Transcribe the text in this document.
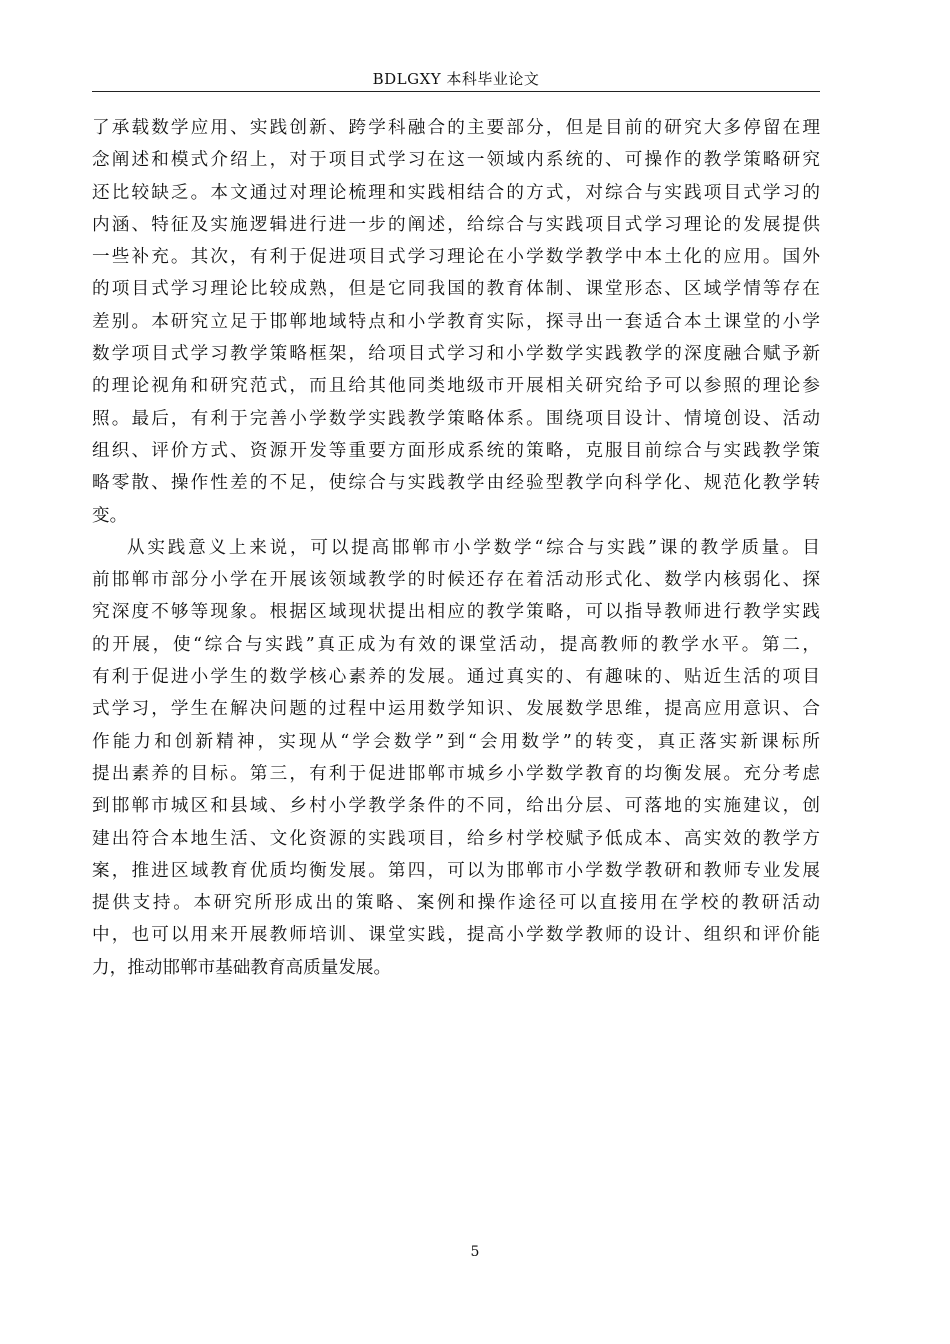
BDLGXY 本科毕业论文
了承载数学应用、实践创新、跨学科融合的主要部分，但是目前的研究大多停留在理
念阐述和模式介绍上，对于项目式学习在这一领域内系统的、可操作的教学策略研究
还比较缺乏。本文通过对理论梳理和实践相结合的方式，对综合与实践项目式学习的
内涵、特征及实施逻辑进行进一步的阐述，给综合与实践项目式学习理论的发展提供
一些补充。其次，有利于促进项目式学习理论在小学数学教学中本土化的应用。国外
的项目式学习理论比较成熟，但是它同我国的教育体制、课堂形态、区域学情等存在
差别。本研究立足于邯郸地域特点和小学教育实际，探寻出一套适合本土课堂的小学
数学项目式学习教学策略框架，给项目式学习和小学数学实践教学的深度融合赋予新
的理论视角和研究范式，而且给其他同类地级市开展相关研究给予可以参照的理论参
照。最后，有利于完善小学数学实践教学策略体系。围绕项目设计、情境创设、活动
组织、评价方式、资源开发等重要方面形成系统的策略，克服目前综合与实践教学策
略零散、操作性差的不足，使综合与实践教学由经验型教学向科学化、规范化教学转
变。
从实践意义上来说，可以提高邯郸市小学数学“综合与实践”课的教学质量。目
前邯郸市部分小学在开展该领域教学的时候还存在着活动形式化、数学内核弱化、探
究深度不够等现象。根据区域现状提出相应的教学策略，可以指导教师进行教学实践
的开展，使“综合与实践”真正成为有效的课堂活动，提高教师的教学水平。第二，
有利于促进小学生的数学核心素养的发展。通过真实的、有趣味的、贴近生活的项目
式学习，学生在解决问题的过程中运用数学知识、发展数学思维，提高应用意识、合
作能力和创新精神，实现从“学会数学”到“会用数学”的转变，真正落实新课标所
提出素养的目标。第三，有利于促进邯郸市城乡小学数学教育的均衡发展。充分考虑
到邯郸市城区和县域、乡村小学教学条件的不同，给出分层、可落地的实施建议，创
建出符合本地生活、文化资源的实践项目，给乡村学校赋予低成本、高实效的教学方
案，推进区域教育优质均衡发展。第四，可以为邯郸市小学数学教研和教师专业发展
提供支持。本研究所形成出的策略、案例和操作途径可以直接用在学校的教研活动
中，也可以用来开展教师培训、课堂实践，提高小学数学教师的设计、组织和评价能
力，推动邯郸市基础教育高质量发展。
5
